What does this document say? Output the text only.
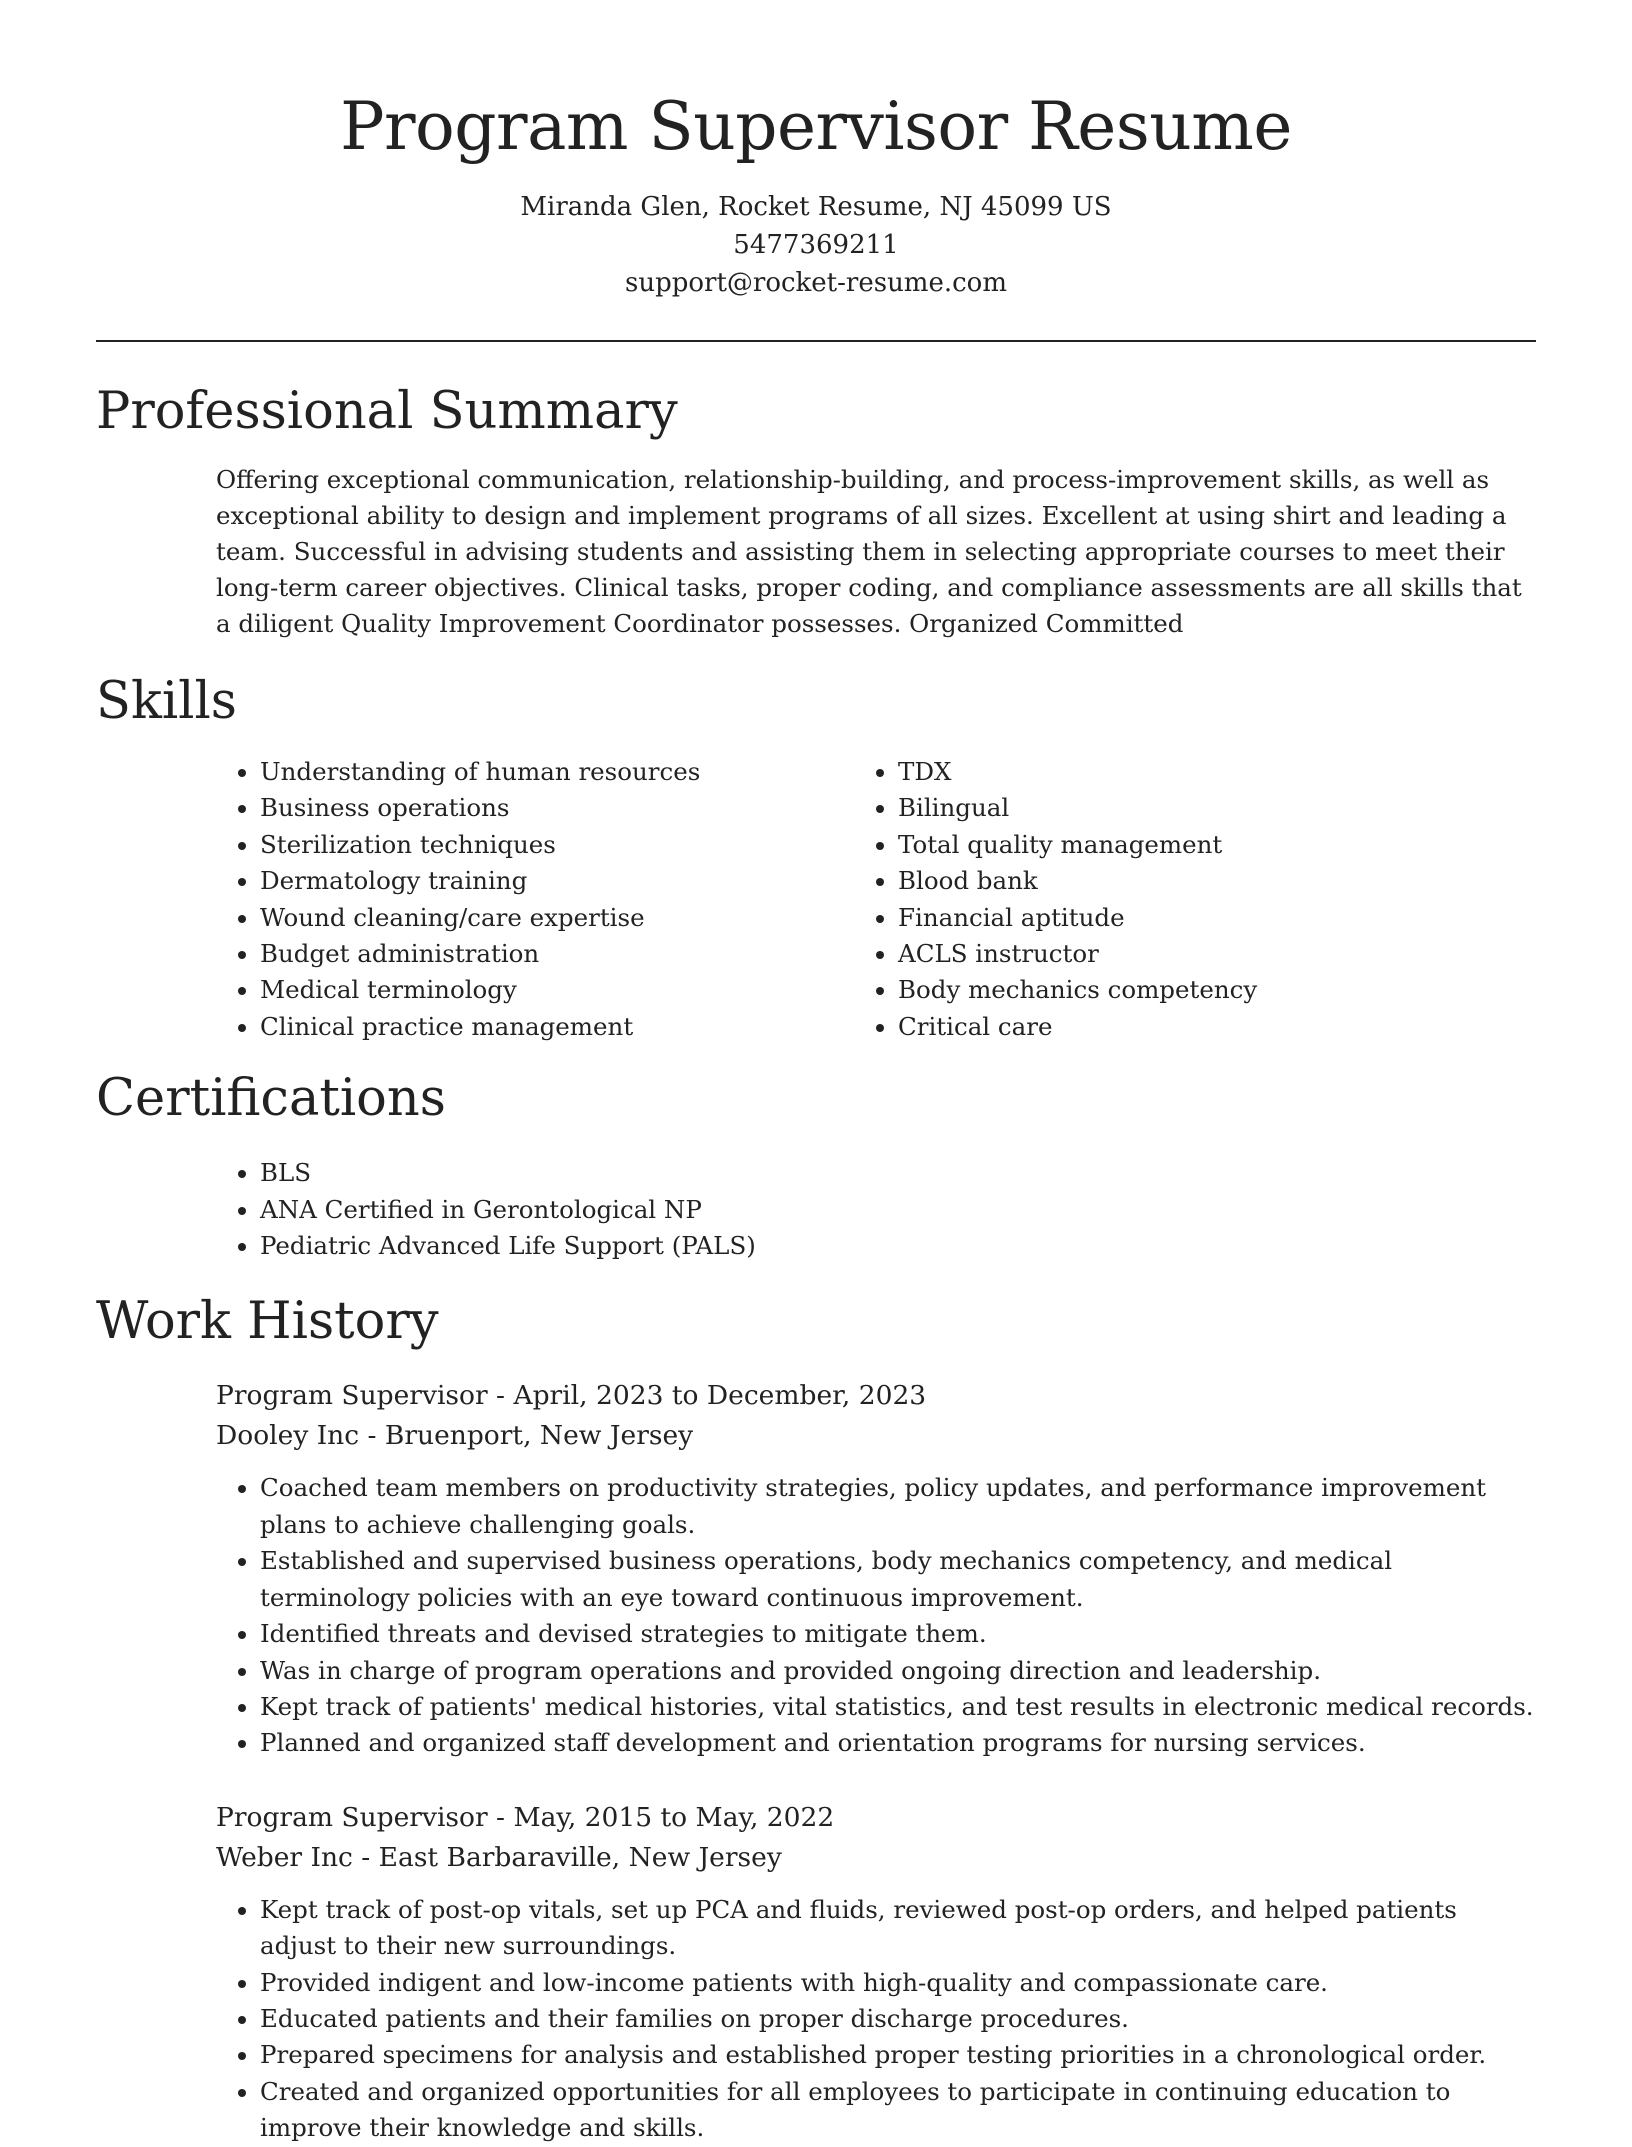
Program Supervisor Resume
Miranda Glen, Rocket Resume, NJ 45099 US
5477369211
support@rocket-resume.com
Professional Summary
Offering exceptional communication, relationship-building, and process-improvement skills, as well as exceptional ability to design and implement programs of all sizes. Excellent at using shirt and leading a team. Successful in advising students and assisting them in selecting appropriate courses to meet their long-term career objectives. Clinical tasks, proper coding, and compliance assessments are all skills that a diligent Quality Improvement Coordinator possesses. Organized Committed
Skills
• Understanding of human resources
• Business operations
• Sterilization techniques
• Dermatology training
• Wound cleaning/care expertise
• Budget administration
• Medical terminology
• Clinical practice management
• TDX
• Bilingual
• Total quality management
• Blood bank
• Financial aptitude
• ACLS instructor
• Body mechanics competency
• Critical care
Certifications
• BLS
• ANA Certified in Gerontological NP
• Pediatric Advanced Life Support (PALS)
Work History
Program Supervisor - April, 2023 to December, 2023
Dooley Inc - Bruenport, New Jersey
• Coached team members on productivity strategies, policy updates, and performance improvement plans to achieve challenging goals.
• Established and supervised business operations, body mechanics competency, and medical terminology policies with an eye toward continuous improvement.
• Identified threats and devised strategies to mitigate them.
• Was in charge of program operations and provided ongoing direction and leadership.
• Kept track of patients' medical histories, vital statistics, and test results in electronic medical records.
• Planned and organized staff development and orientation programs for nursing services.
Program Supervisor - May, 2015 to May, 2022
Weber Inc - East Barbaraville, New Jersey
• Kept track of post-op vitals, set up PCA and fluids, reviewed post-op orders, and helped patients adjust to their new surroundings.
• Provided indigent and low-income patients with high-quality and compassionate care.
• Educated patients and their families on proper discharge procedures.
• Prepared specimens for analysis and established proper testing priorities in a chronological order.
• Created and organized opportunities for all employees to participate in continuing education to improve their knowledge and skills.
